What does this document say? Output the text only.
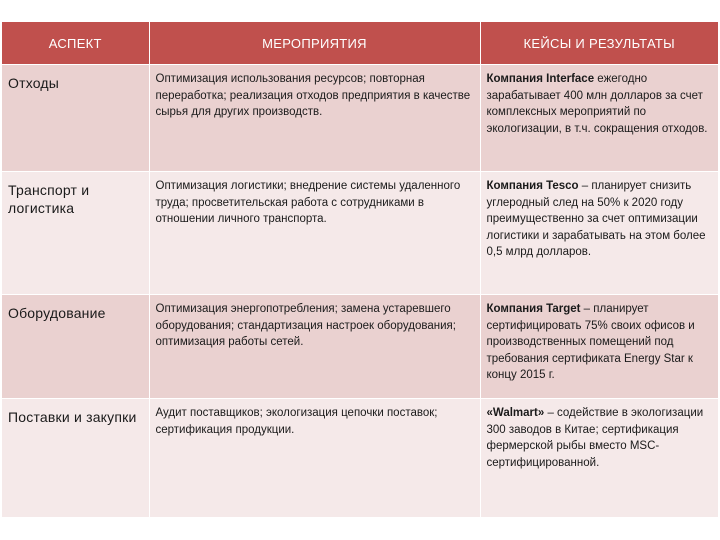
АСПЕКТ	МЕРОПРИЯТИЯ	КЕЙСЫ И РЕЗУЛЬТАТЫ
Отходы	Оптимизация использования ресурсов; повторная переработка; реализация отходов предприятия в качестве сырья для других производств.	Компания Interface ежегодно зарабатывает 400 млн долларов за счет комплексных мероприятий по экологизации, в т.ч. сокращения отходов.
Транспорт и логистика	Оптимизация логистики; внедрение системы удаленного труда; просветительская работа с сотрудниками в отношении личного транспорта.	Компания Tesco – планирует снизить углеродный след на 50% к 2020 году преимущественно за счет оптимизации логистики и зарабатывать на этом более 0,5 млрд долларов.
Оборудование	Оптимизация энергопотребления; замена устаревшего оборудования; стандартизация настроек оборудования; оптимизация работы сетей.	Компания Target – планирует сертифицировать 75% своих офисов и производственных помещений под требования сертификата Energy Star к концу 2015 г.
Поставки и закупки	Аудит поставщиков; экологизация цепочки поставок; сертификация продукции.	«Walmart» – содействие в экологизации 300 заводов в Китае; сертификация фермерской рыбы вместо MSC-сертифицированной.
